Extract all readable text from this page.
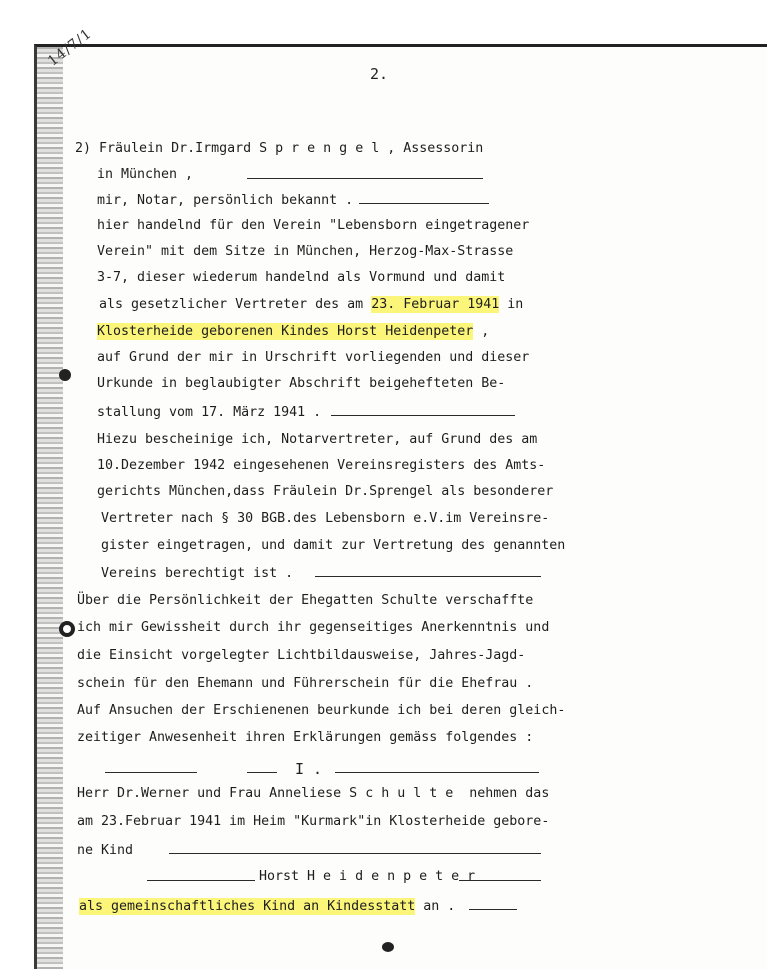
14/7/1
2.
2) Fräulein Dr.Irmgard S p r e n g e l , Assessorin
in München ,
mir, Notar, persönlich bekannt .
hier handelnd für den Verein "Lebensborn eingetragener
Verein" mit dem Sitze in München, Herzog-Max-Strasse
3-7, dieser wiederum handelnd als Vormund und damit
als gesetzlicher Vertreter des am 23. Februar 1941 in
Klosterheide geborenen Kindes Horst Heidenpeter ,
auf Grund der mir in Urschrift vorliegenden und dieser
Urkunde in beglaubigter Abschrift beigehefteten Be-
stallung vom 17. März 1941 .
Hiezu bescheinige ich, Notarvertreter, auf Grund des am
10.Dezember 1942 eingesehenen Vereinsregisters des Amts-
gerichts München,dass Fräulein Dr.Sprengel als besonderer
Vertreter nach § 30 BGB.des Lebensborn e.V.im Vereinsre-
gister eingetragen, und damit zur Vertretung des genannten
Vereins berechtigt ist .
Über die Persönlichkeit der Ehegatten Schulte verschaffte
ich mir Gewissheit durch ihr gegenseitiges Anerkenntnis und
die Einsicht vorgelegter Lichtbildausweise, Jahres-Jagd-
schein für den Ehemann und Führerschein für die Ehefrau .
Auf Ansuchen der Erschienenen beurkunde ich bei deren gleich-
zeitiger Anwesenheit ihren Erklärungen gemäss folgendes :
I .
Herr Dr.Werner und Frau Anneliese S c h u l t e  nehmen das
am 23.Februar 1941 im Heim "Kurmark"in Klosterheide gebore-
ne Kind
Horst H e i d e n p e t e r
als gemeinschaftliches Kind an Kindesstatt an .
